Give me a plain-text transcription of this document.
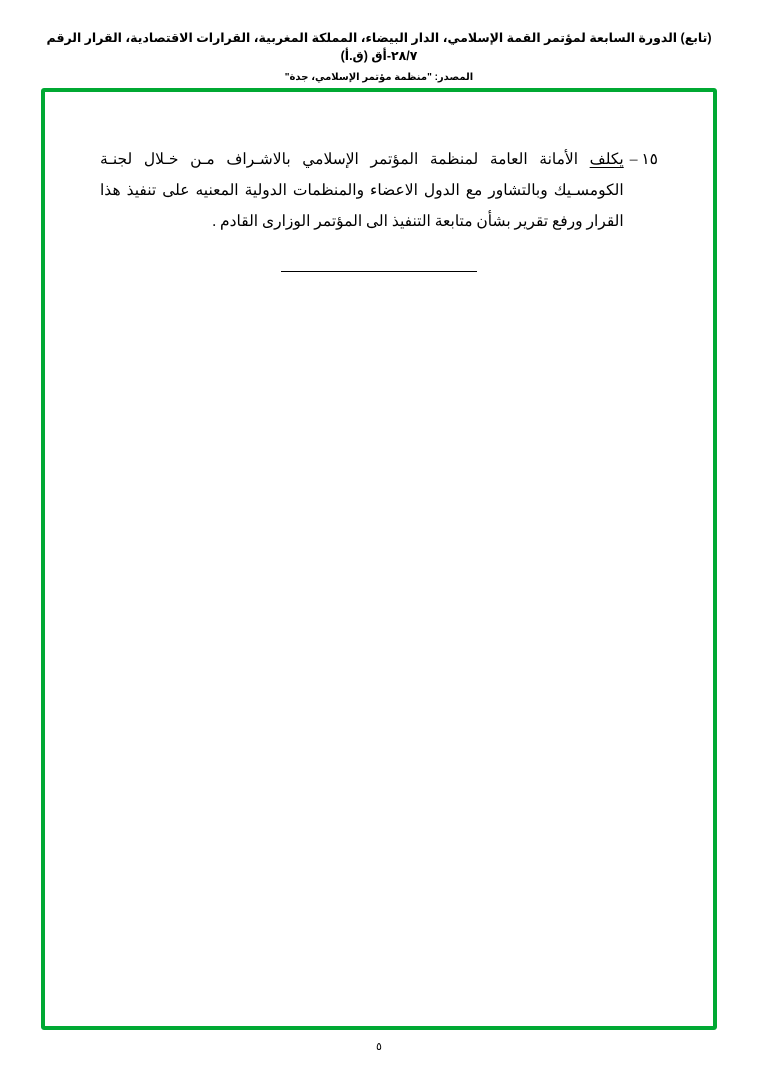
(تابع) الدورة السابعة لمؤتمر القمة الإسلامي، الدار البيضاء، المملكة المغربية، القرارات الاقتصادية، القرار الرقم ٢٨/٧-أق (ق.أ)
المصدر: "منظمة مؤتمر الإسلامي، جدة"
١٥ –
يكلف الأمانة العامة لمنظمة المؤتمر الإسلامي بالاشـراف مـن خـلال لجنـة الكومسـيك وبالتشاور مع الدول الاعضاء والمنظمات الدولية المعنيه على تنفيذ هذا القرار ورفع تقرير بشأن متابعة التنفيذ الى المؤتمر الوزارى القادم .
٥
